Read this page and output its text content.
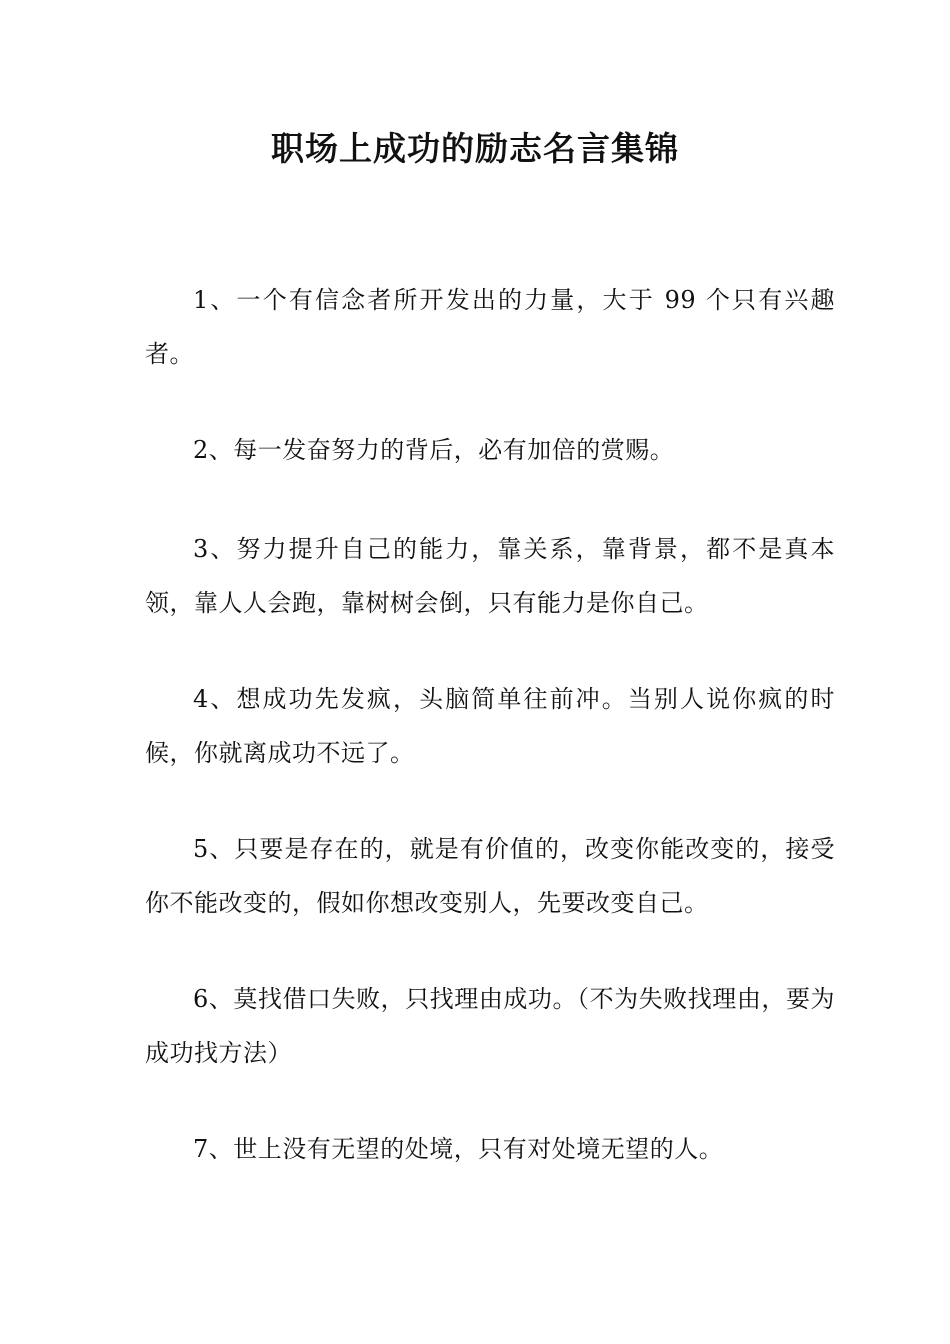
职场上成功的励志名言集锦

1、一个有信念者所开发出的力量，大于 99 个只有兴趣者。

2、每一发奋努力的背后，必有加倍的赏赐。

3、努力提升自己的能力，靠关系，靠背景，都不是真本领，靠人人会跑，靠树树会倒，只有能力是你自己。

4、想成功先发疯，头脑简单往前冲。当别人说你疯的时候，你就离成功不远了。

5、只要是存在的，就是有价值的，改变你能改变的，接受你不能改变的，假如你想改变别人，先要改变自己。

6、莫找借口失败，只找理由成功。（不为失败找理由，要为成功找方法）

7、世上没有无望的处境，只有对处境无望的人。
